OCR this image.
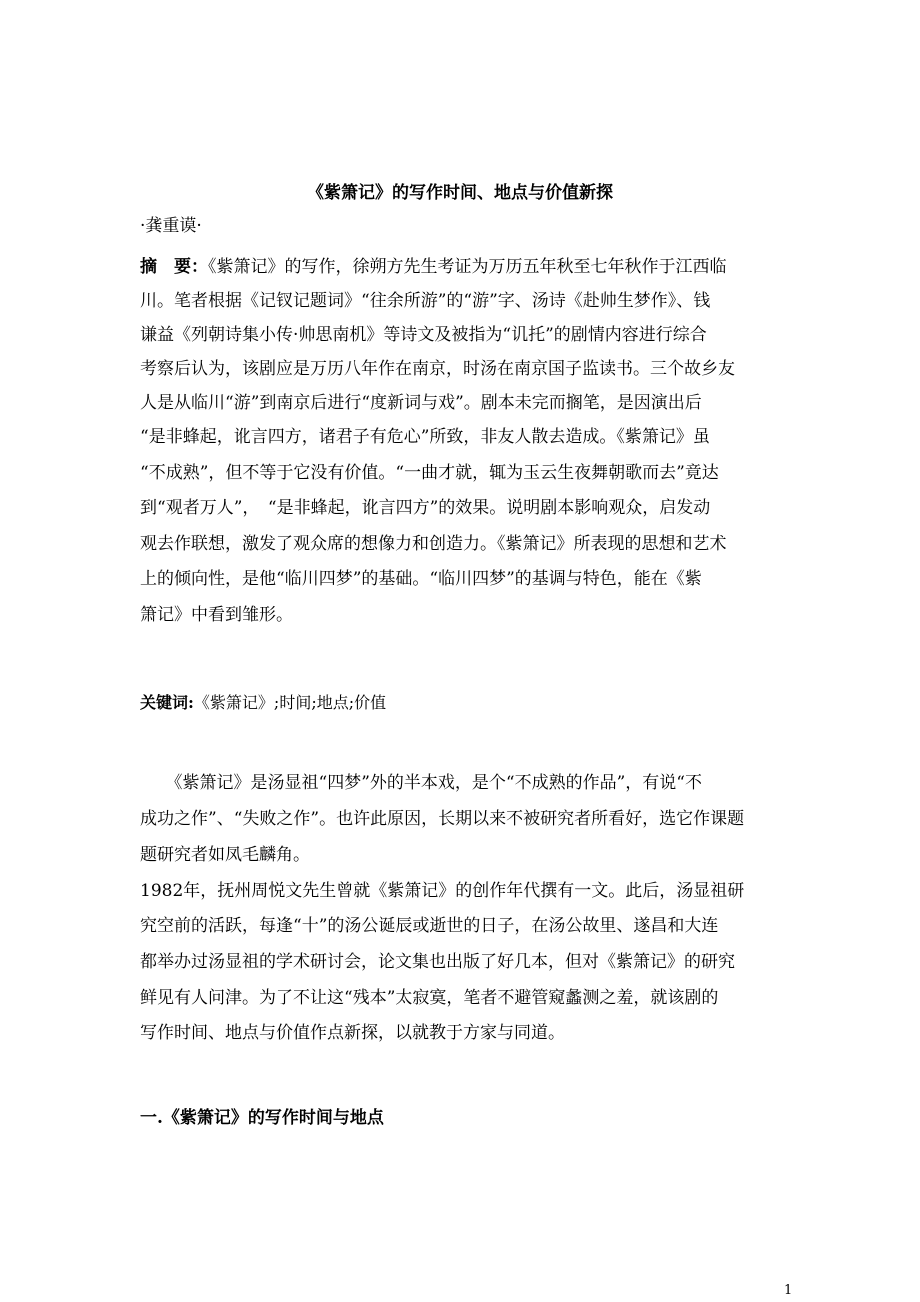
《紫箫记》的写作时间、地点与价值新探
·龚重谟·
摘　要：《紫箫记》的写作，徐朔方先生考证为万历五年秋至七年秋作于江西临
川。笔者根据《记钗记题词》“往余所游”的“游”字、汤诗《赴帅生梦作》、钱
谦益《列朝诗集小传·帅思南机》等诗文及被指为“讥托”的剧情内容进行综合
考察后认为，该剧应是万历八年作在南京，时汤在南京国子监读书。三个故乡友
人是从临川“游”到南京后进行“度新词与戏”。剧本未完而搁笔，是因演出后
“是非蜂起，讹言四方，诸君子有危心”所致，非友人散去造成。《紫箫记》虽
“不成熟”，但不等于它没有价值。“一曲才就，辄为玉云生夜舞朝歌而去”竟达
到“观者万人”，　“是非蜂起，讹言四方”的效果。说明剧本影响观众，启发动
观去作联想，激发了观众席的想像力和创造力。《紫箫记》所表现的思想和艺术
上的倾向性，是他“临川四梦”的基础。“临川四梦”的基调与特色，能在《紫
箫记》中看到雏形。
关键词:《紫箫记》;时间;地点;价值
　　《紫箫记》是汤显祖“四梦”外的半本戏，是个“不成熟的作品”，有说“不
成功之作”、“失败之作”。也许此原因，长期以来不被研究者所看好，选它作课题
题研究者如凤毛麟角。
1982年，抚州周悦文先生曾就《紫箫记》的创作年代撰有一文。此后，汤显祖研
究空前的活跃，每逢“十”的汤公诞辰或逝世的日子，在汤公故里、遂昌和大连
都举办过汤显祖的学术研讨会，论文集也出版了好几本，但对《紫箫记》的研究
鲜见有人问津。为了不让这“残本”太寂寞，笔者不避管窥蠡测之羞，就该剧的
写作时间、地点与价值作点新探，以就教于方家与同道。
一.《紫箫记》的写作时间与地点
1
